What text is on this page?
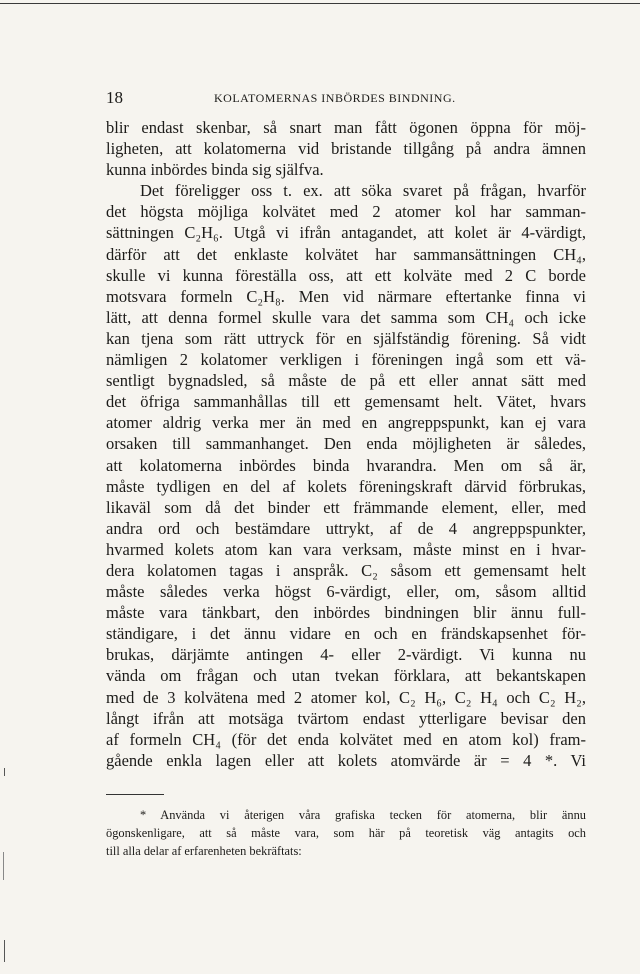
18	KOLATOMERNAS INBÖRDES BINDNING.
blir endast skenbar, så snart man fått ögonen öppna för möj-
ligheten, att kolatomerna vid bristande tillgång på andra ämnen
kunna inbördes binda sig själfva.
Det föreligger oss t. ex. att söka svaret på frågan, hvarför
det högsta möjliga kolvätet med 2 atomer kol har samman-
sättningen C₂H₆. Utgå vi ifrån antagandet, att kolet är 4-värdigt,
därför att det enklaste kolvätet har sammansättningen CH₄,
skulle vi kunna föreställa oss, att ett kolväte med 2 C borde
motsvara formeln C₂H₈. Men vid närmare eftertanke finna vi
lätt, att denna formel skulle vara det samma som CH₄ och icke
kan tjena som rätt uttryck för en själfständig förening. Så vidt
nämligen 2 kolatomer verkligen i föreningen ingå som ett vä-
sentligt bygnadsled, så måste de på ett eller annat sätt med
det öfriga sammanhållas till ett gemensamt helt. Vätet, hvars
atomer aldrig verka mer än med en angreppspunkt, kan ej vara
orsaken till sammanhanget. Den enda möjligheten är således,
att kolatomerna inbördes binda hvarandra. Men om så är,
måste tydligen en del af kolets föreningskraft därvid förbrukas,
likaväl som då det binder ett främmande element, eller, med
andra ord och bestämdare uttrykt, af de 4 angreppspunkter,
hvarmed kolets atom kan vara verksam, måste minst en i hvar-
dera kolatomen tagas i anspråk. C₂ såsom ett gemensamt helt
måste således verka högst 6-värdigt, eller, om, såsom alltid
måste vara tänkbart, den inbördes bindningen blir ännu full-
ständigare, i det ännu vidare en och en frändskapsenhet för-
brukas, därjämte antingen 4- eller 2-värdigt. Vi kunna nu
vända om frågan och utan tvekan förklara, att bekantskapen
med de 3 kolvätena med 2 atomer kol, C₂ H₆, C₂ H₄ och C₂ H₂,
långt ifrån att motsäga tvärtom endast ytterligare bevisar den
af formeln CH₄ (för det enda kolvätet med en atom kol) fram-
gående enkla lagen eller att kolets atomvärde är = 4 *. Vi
* Använda vi återigen våra grafiska tecken för atomerna, blir ännu
ögonskenligare, att så måste vara, som här på teoretisk väg antagits och
till alla delar af erfarenheten bekräftats:
